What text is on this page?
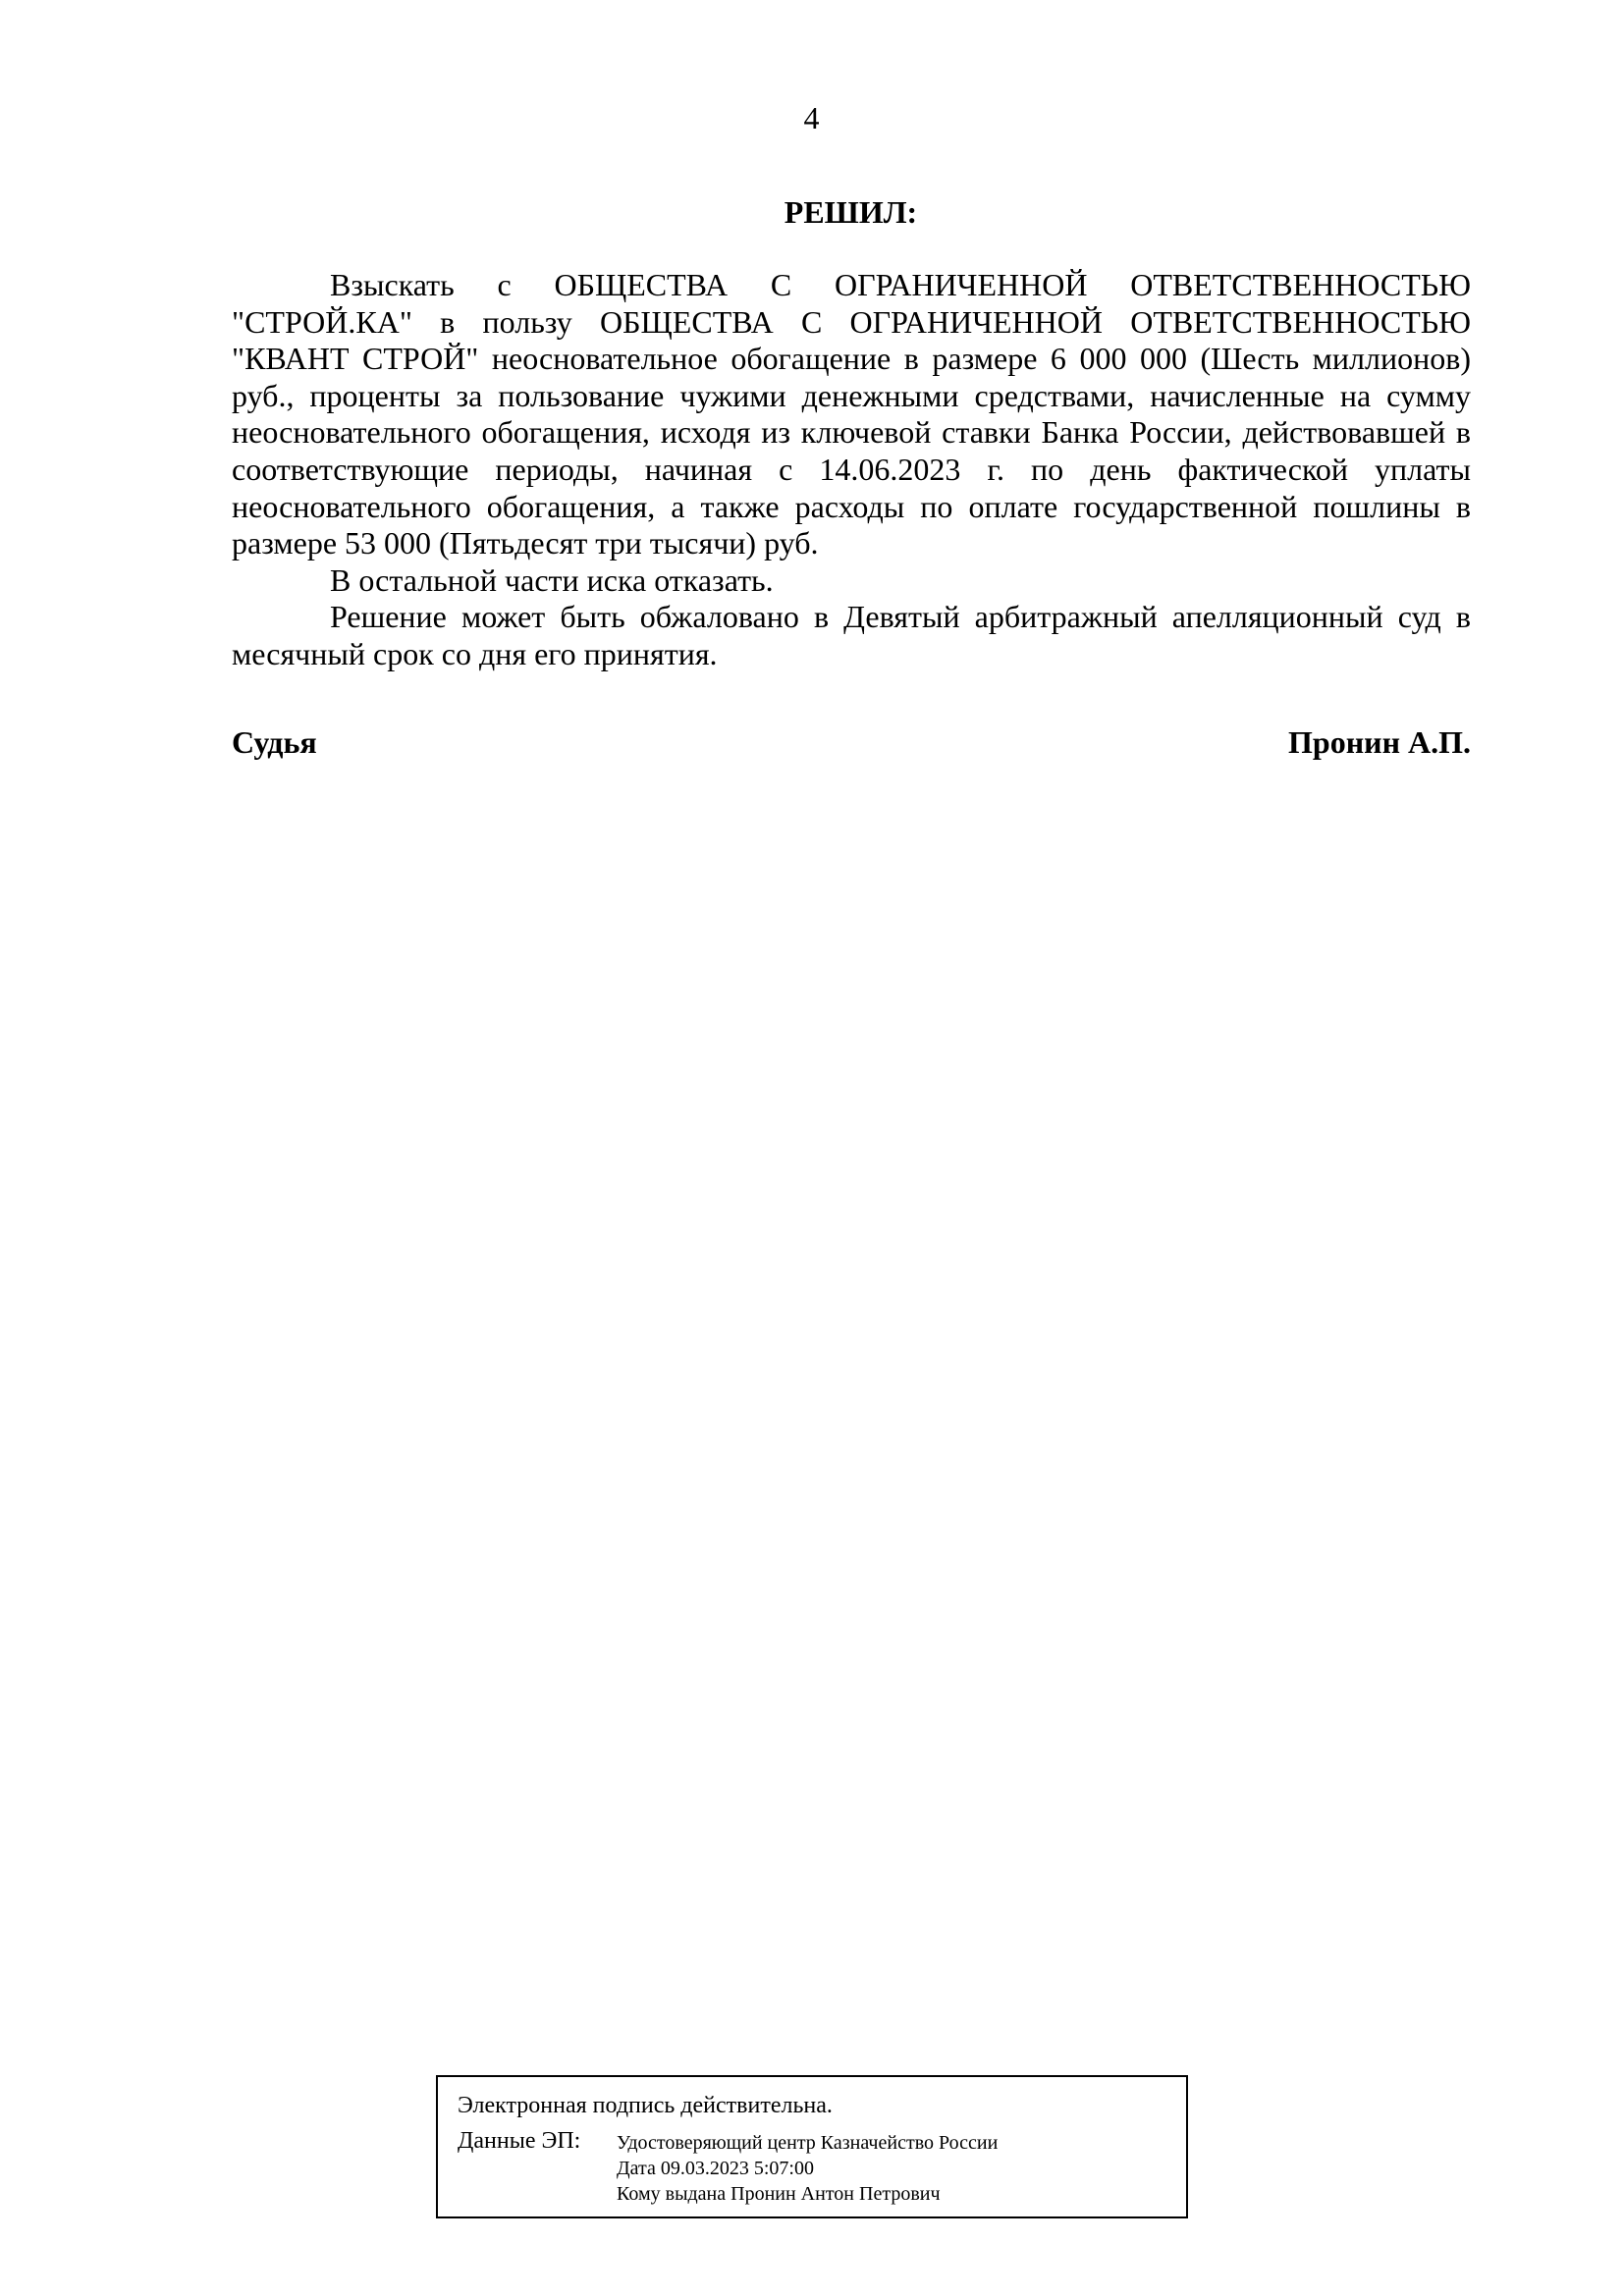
4
РЕШИЛ:

Взыскать с ОБЩЕСТВА С ОГРАНИЧЕННОЙ ОТВЕТСТВЕННОСТЬЮ "СТРОЙ.КА" в пользу ОБЩЕСТВА С ОГРАНИЧЕННОЙ ОТВЕТСТВЕННОСТЬЮ "КВАНТ СТРОЙ" неосновательное обогащение в размере 6 000 000 (Шесть миллионов) руб., проценты за пользование чужими денежными средствами, начисленные на сумму неосновательного обогащения, исходя из ключевой ставки Банка России, действовавшей в соответствующие периоды, начиная с 14.06.2023 г. по день фактической уплаты неосновательного обогащения, а также расходы по оплате государственной пошлины в размере 53 000 (Пятьдесят три тысячи) руб.

В остальной части иска отказать.

Решение может быть обжаловано в Девятый арбитражный апелляционный суд в месячный срок со дня его принятия.

Судья	Пронин А.П.
Электронная подпись действительна.
Данные ЭП: Удостоверяющий центр Казначейство России
Дата 09.03.2023 5:07:00
Кому выдана Пронин Антон Петрович
